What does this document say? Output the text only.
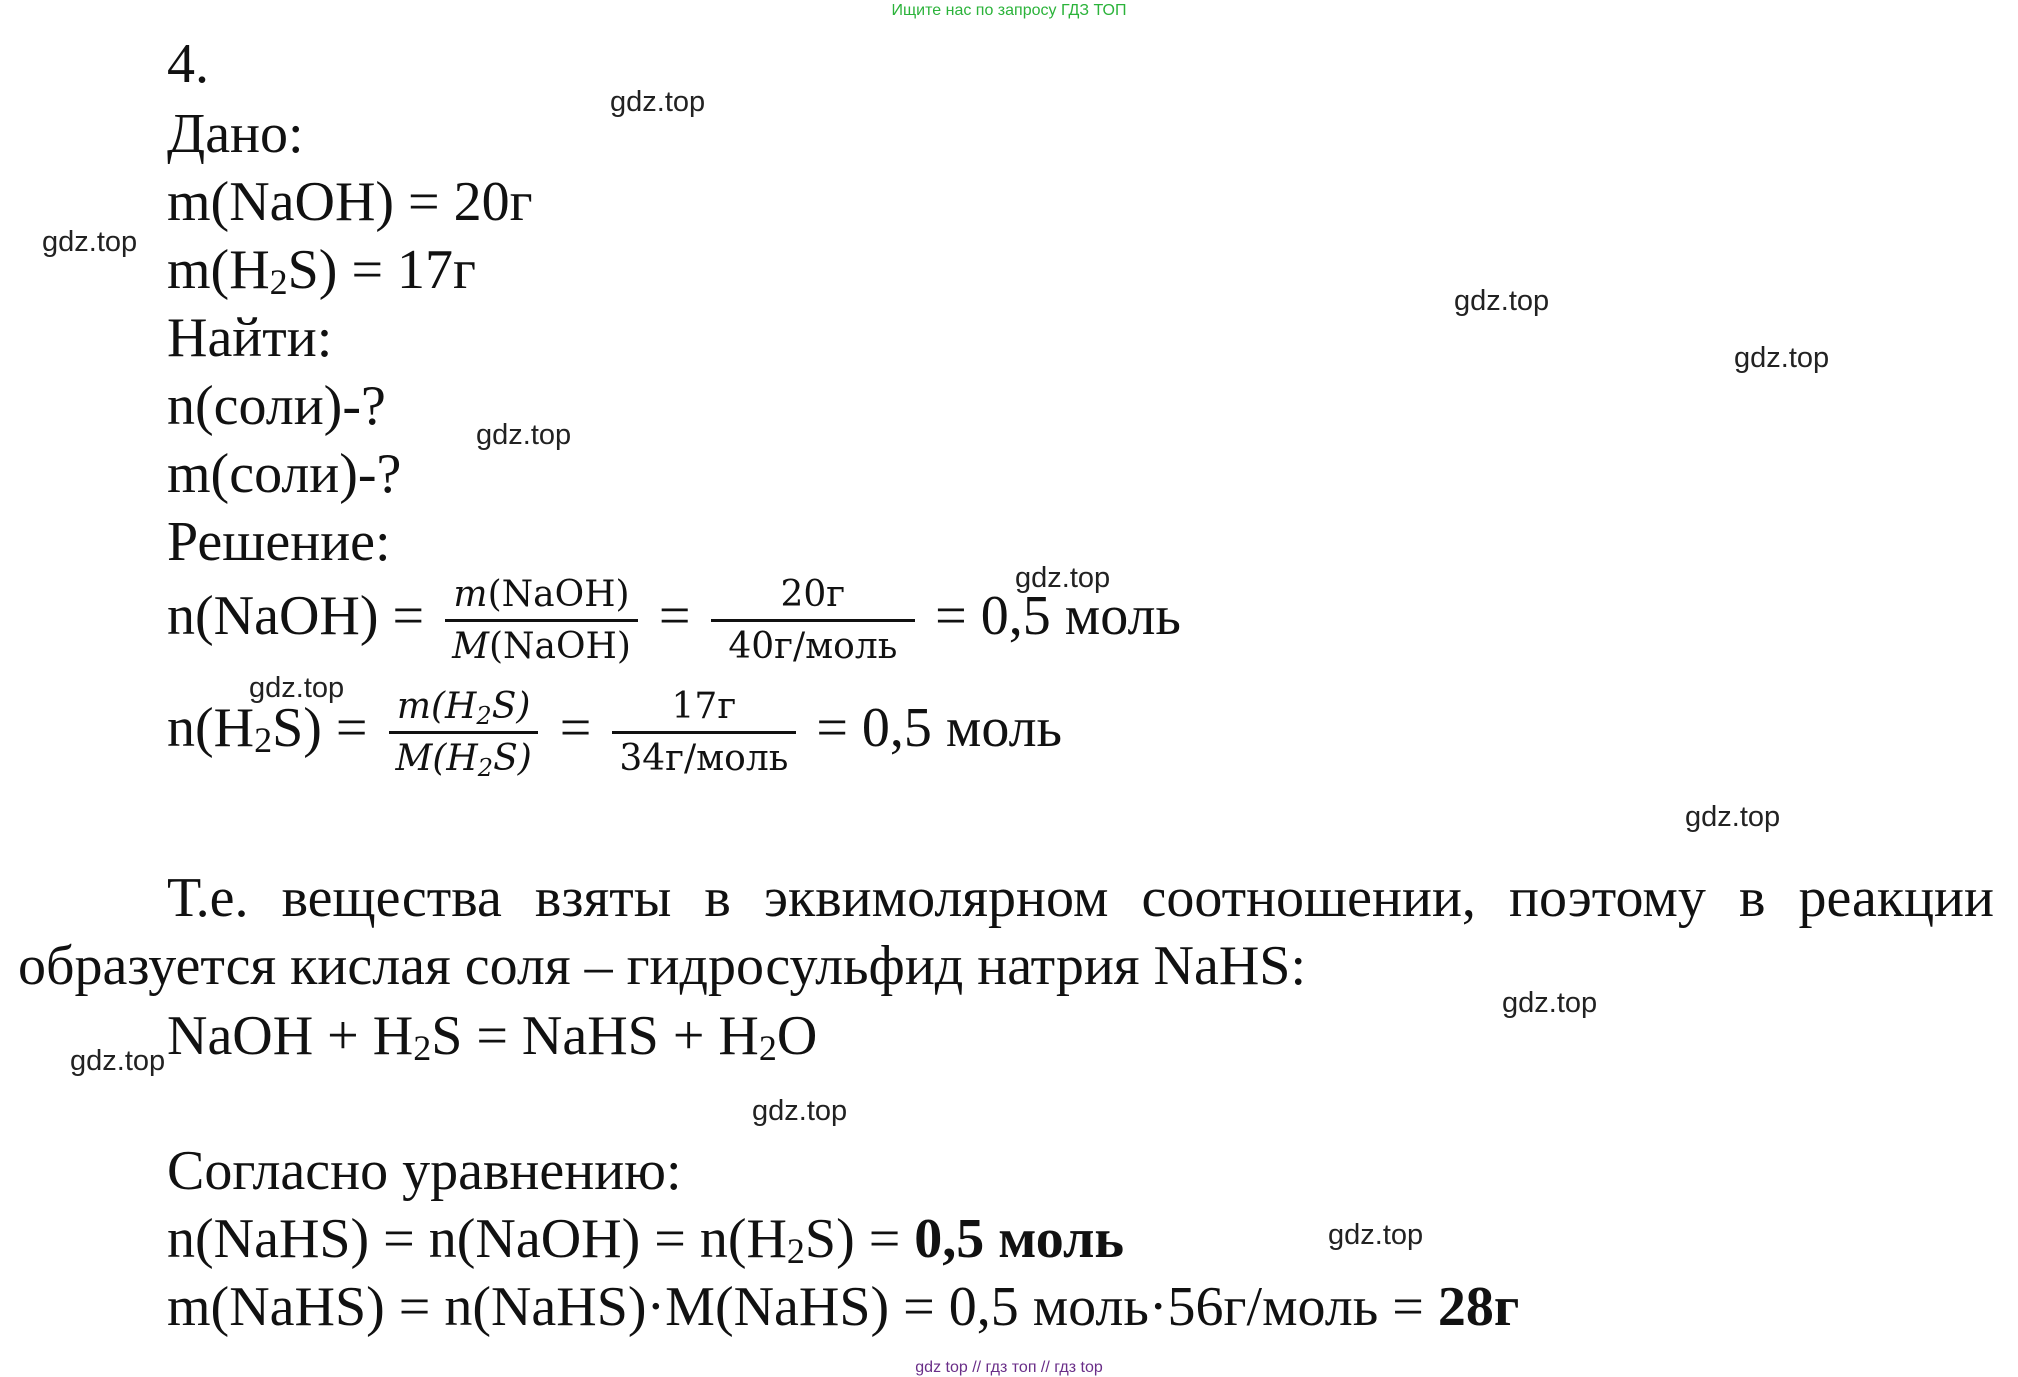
Ищите нас по запросу ГДЗ ТОП
4.
Дано:
m(NaOH) = 20г
$m(H_2S) = 17г$
Найти:
n(соли)-?
m(соли)-?
Решение:
n(NaOH) = $\frac{\text{m(NaOH)}}{\text{M(NaOH)}} = \frac{20г}{\text{40г/моль}} = 0,5$ моль
$n(H_2S) = \frac{m(H2S)}{M(H2S)} = \frac{17г}{\text{34г/моль}} = 0,5$ моль
Т.е. вещества взяты в эквимолярном соотношении, поэтому в реакции образуется кислая соля – гидросульфид натрия NaHS:
NaOH + $H_2S$ = NaHS + $H_2O$
Согласно уравнению:
n(NaHS) = n(NaOH) = $n(H_2S) = 0,5$ моль
m(NaHS) = n(NaHS)·M(NaHS) = 0,5 моль·56г/моль = 28г
gdz.top
gdz.top
gdz.top
gdz.top
gdz.top
gdz.top
gdz.top
gdz.top
gdz.top
gdz.top
gdz.top
gdz.top
gdz top // гдз топ // гдз top
